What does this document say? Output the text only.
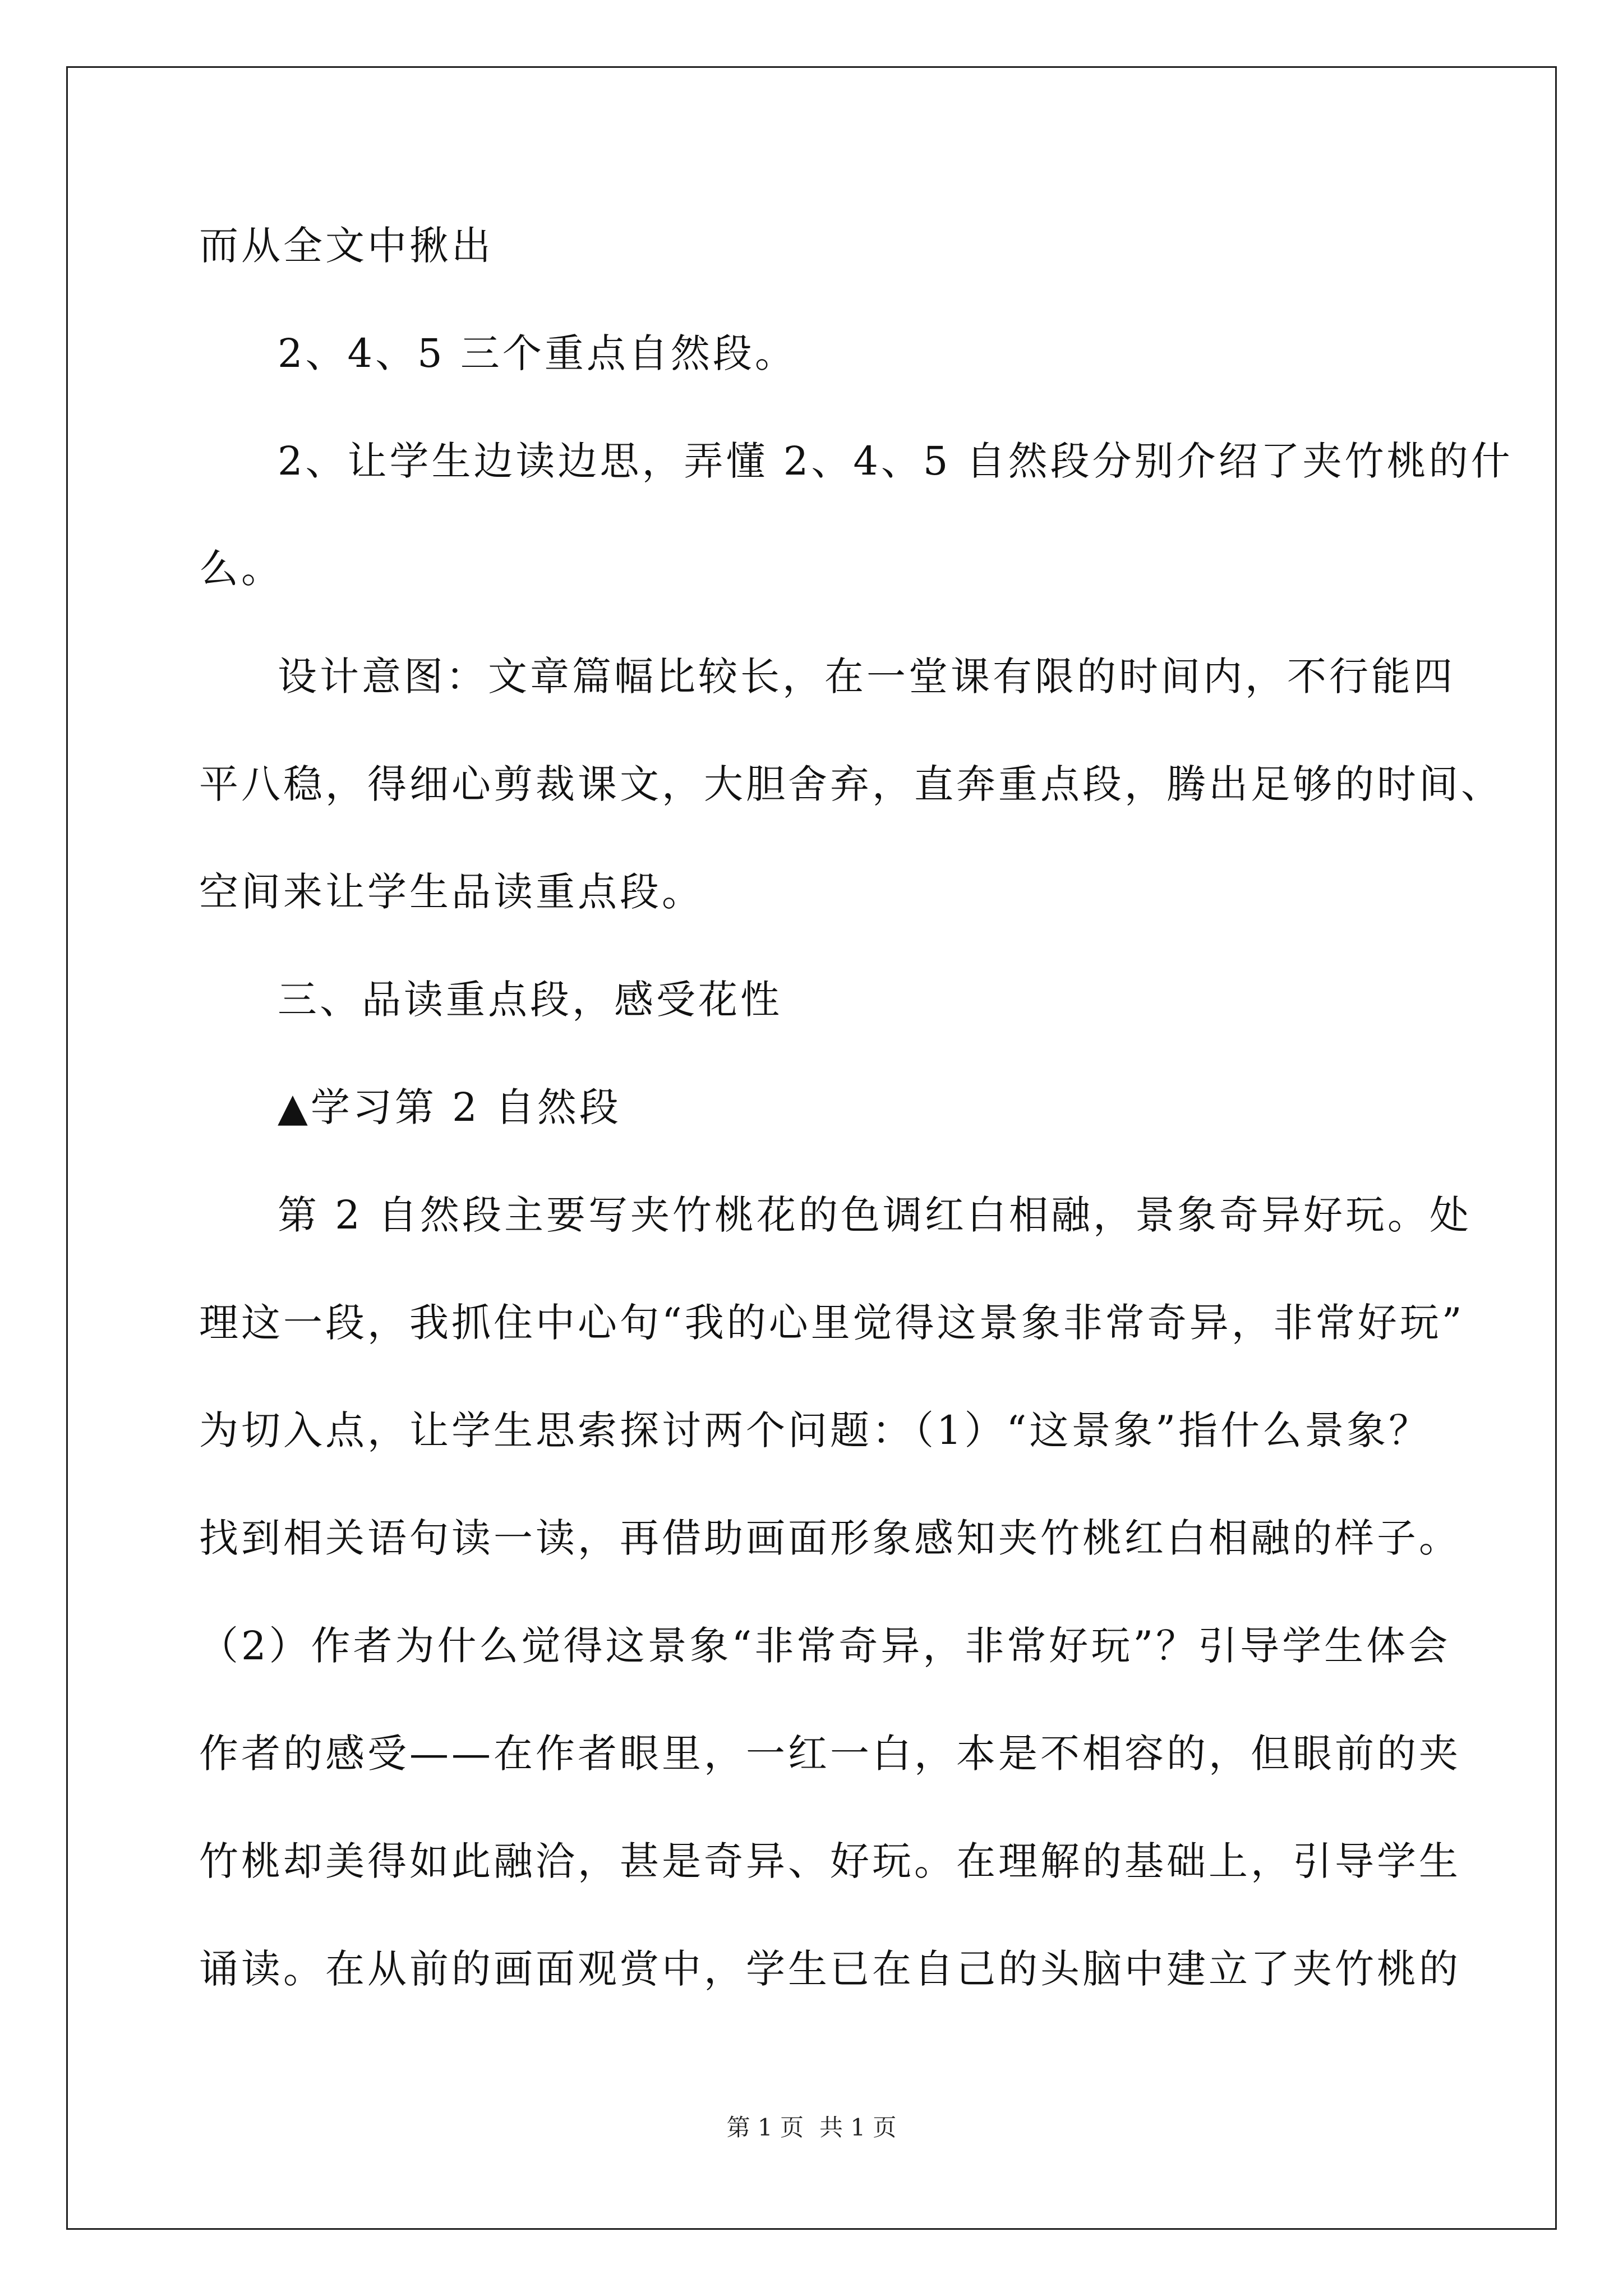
而从全文中揪出
2、4、5 三个重点自然段。
2、让学生边读边思，弄懂 2、4、5 自然段分别介绍了夹竹桃的什
么。
设计意图：文章篇幅比较长，在一堂课有限的时间内，不行能四
平八稳，得细心剪裁课文，大胆舍弃，直奔重点段，腾出足够的时间、
空间来让学生品读重点段。
三、品读重点段，感受花性
▲学习第 2 自然段
第 2 自然段主要写夹竹桃花的色调红白相融，景象奇异好玩。处
理这一段，我抓住中心句“我的心里觉得这景象非常奇异，非常好玩”
为切入点，让学生思索探讨两个问题：（1）“这景象”指什么景象？
找到相关语句读一读，再借助画面形象感知夹竹桃红白相融的样子。
（2）作者为什么觉得这景象“非常奇异，非常好玩”？引导学生体会
作者的感受——在作者眼里，一红一白，本是不相容的，但眼前的夹
竹桃却美得如此融洽，甚是奇异、好玩。在理解的基础上，引导学生
诵读。在从前的画面观赏中，学生已在自己的头脑中建立了夹竹桃的
第 1 页 共 1 页
